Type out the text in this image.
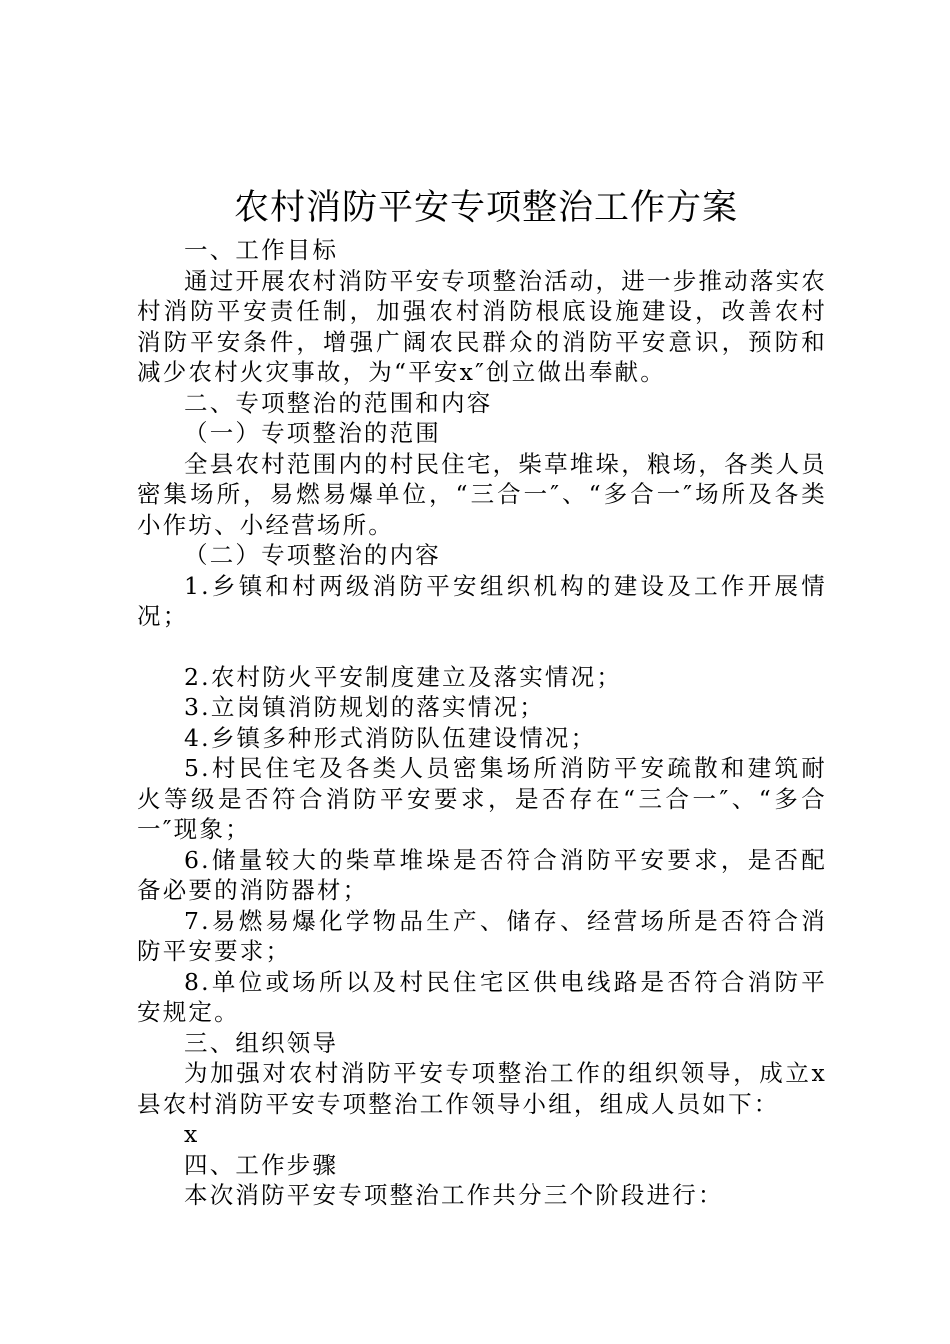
农村消防平安专项整治工作方案

一、工作目标

通过开展农村消防平安专项整治活动，进一步推动落实农村消防平安责任制，加强农村消防根底设施建设，改善农村消防平安条件，增强广阔农民群众的消防平安意识，预防和减少农村火灾事故，为“平安x″创立做出奉献。

二、专项整治的范围和内容

（一）专项整治的范围

全县农村范围内的村民住宅，柴草堆垛，粮场，各类人员密集场所，易燃易爆单位，“三合一″、“多合一″场所及各类小作坊、小经营场所。

（二）专项整治的内容

1.乡镇和村两级消防平安组织机构的建设及工作开展情况；

2.农村防火平安制度建立及落实情况；

3.立岗镇消防规划的落实情况；

4.乡镇多种形式消防队伍建设情况；

5.村民住宅及各类人员密集场所消防平安疏散和建筑耐火等级是否符合消防平安要求，是否存在“三合一″、“多合一″现象；

6.储量较大的柴草堆垛是否符合消防平安要求，是否配备必要的消防器材；

7.易燃易爆化学物品生产、储存、经营场所是否符合消防平安要求；

8.单位或场所以及村民住宅区供电线路是否符合消防平安规定。

三、组织领导

为加强对农村消防平安专项整治工作的组织领导，成立x县农村消防平安专项整治工作领导小组，组成人员如下：

x

四、工作步骤

本次消防平安专项整治工作共分三个阶段进行：
